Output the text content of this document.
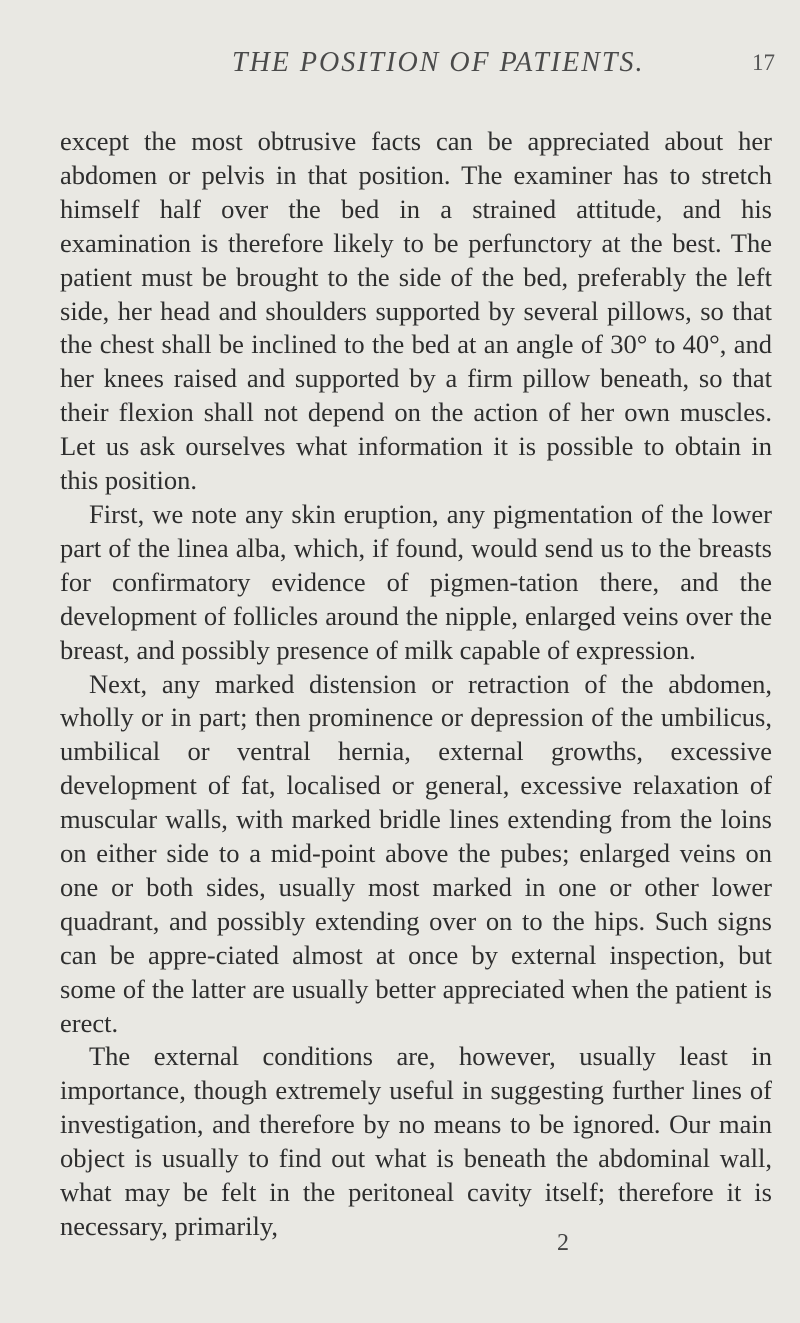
THE POSITION OF PATIENTS.	17

except the most obtrusive facts can be appreciated about her abdomen or pelvis in that position. The examiner has to stretch himself half over the bed in a strained attitude, and his examination is therefore likely to be perfunctory at the best. The patient must be brought to the side of the bed, preferably the left side, her head and shoulders supported by several pillows, so that the chest shall be inclined to the bed at an angle of 30° to 40°, and her knees raised and supported by a firm pillow beneath, so that their flexion shall not depend on the action of her own muscles. Let us ask ourselves what information it is possible to obtain in this position.

First, we note any skin eruption, any pigmentation of the lower part of the linea alba, which, if found, would send us to the breasts for confirmatory evidence of pigmen-tation there, and the development of follicles around the nipple, enlarged veins over the breast, and possibly presence of milk capable of expression.

Next, any marked distension or retraction of the abdomen, wholly or in part; then prominence or depression of the umbilicus, umbilical or ventral hernia, external growths, excessive development of fat, localised or general, excessive relaxation of muscular walls, with marked bridle lines extending from the loins on either side to a mid-point above the pubes; enlarged veins on one or both sides, usually most marked in one or other lower quadrant, and possibly extending over on to the hips. Such signs can be appre-ciated almost at once by external inspection, but some of the latter are usually better appreciated when the patient is erect.

The external conditions are, however, usually least in importance, though extremely useful in suggesting further lines of investigation, and therefore by no means to be ignored. Our main object is usually to find out what is beneath the abdominal wall, what may be felt in the peritoneal cavity itself; therefore it is necessary, primarily,

2
